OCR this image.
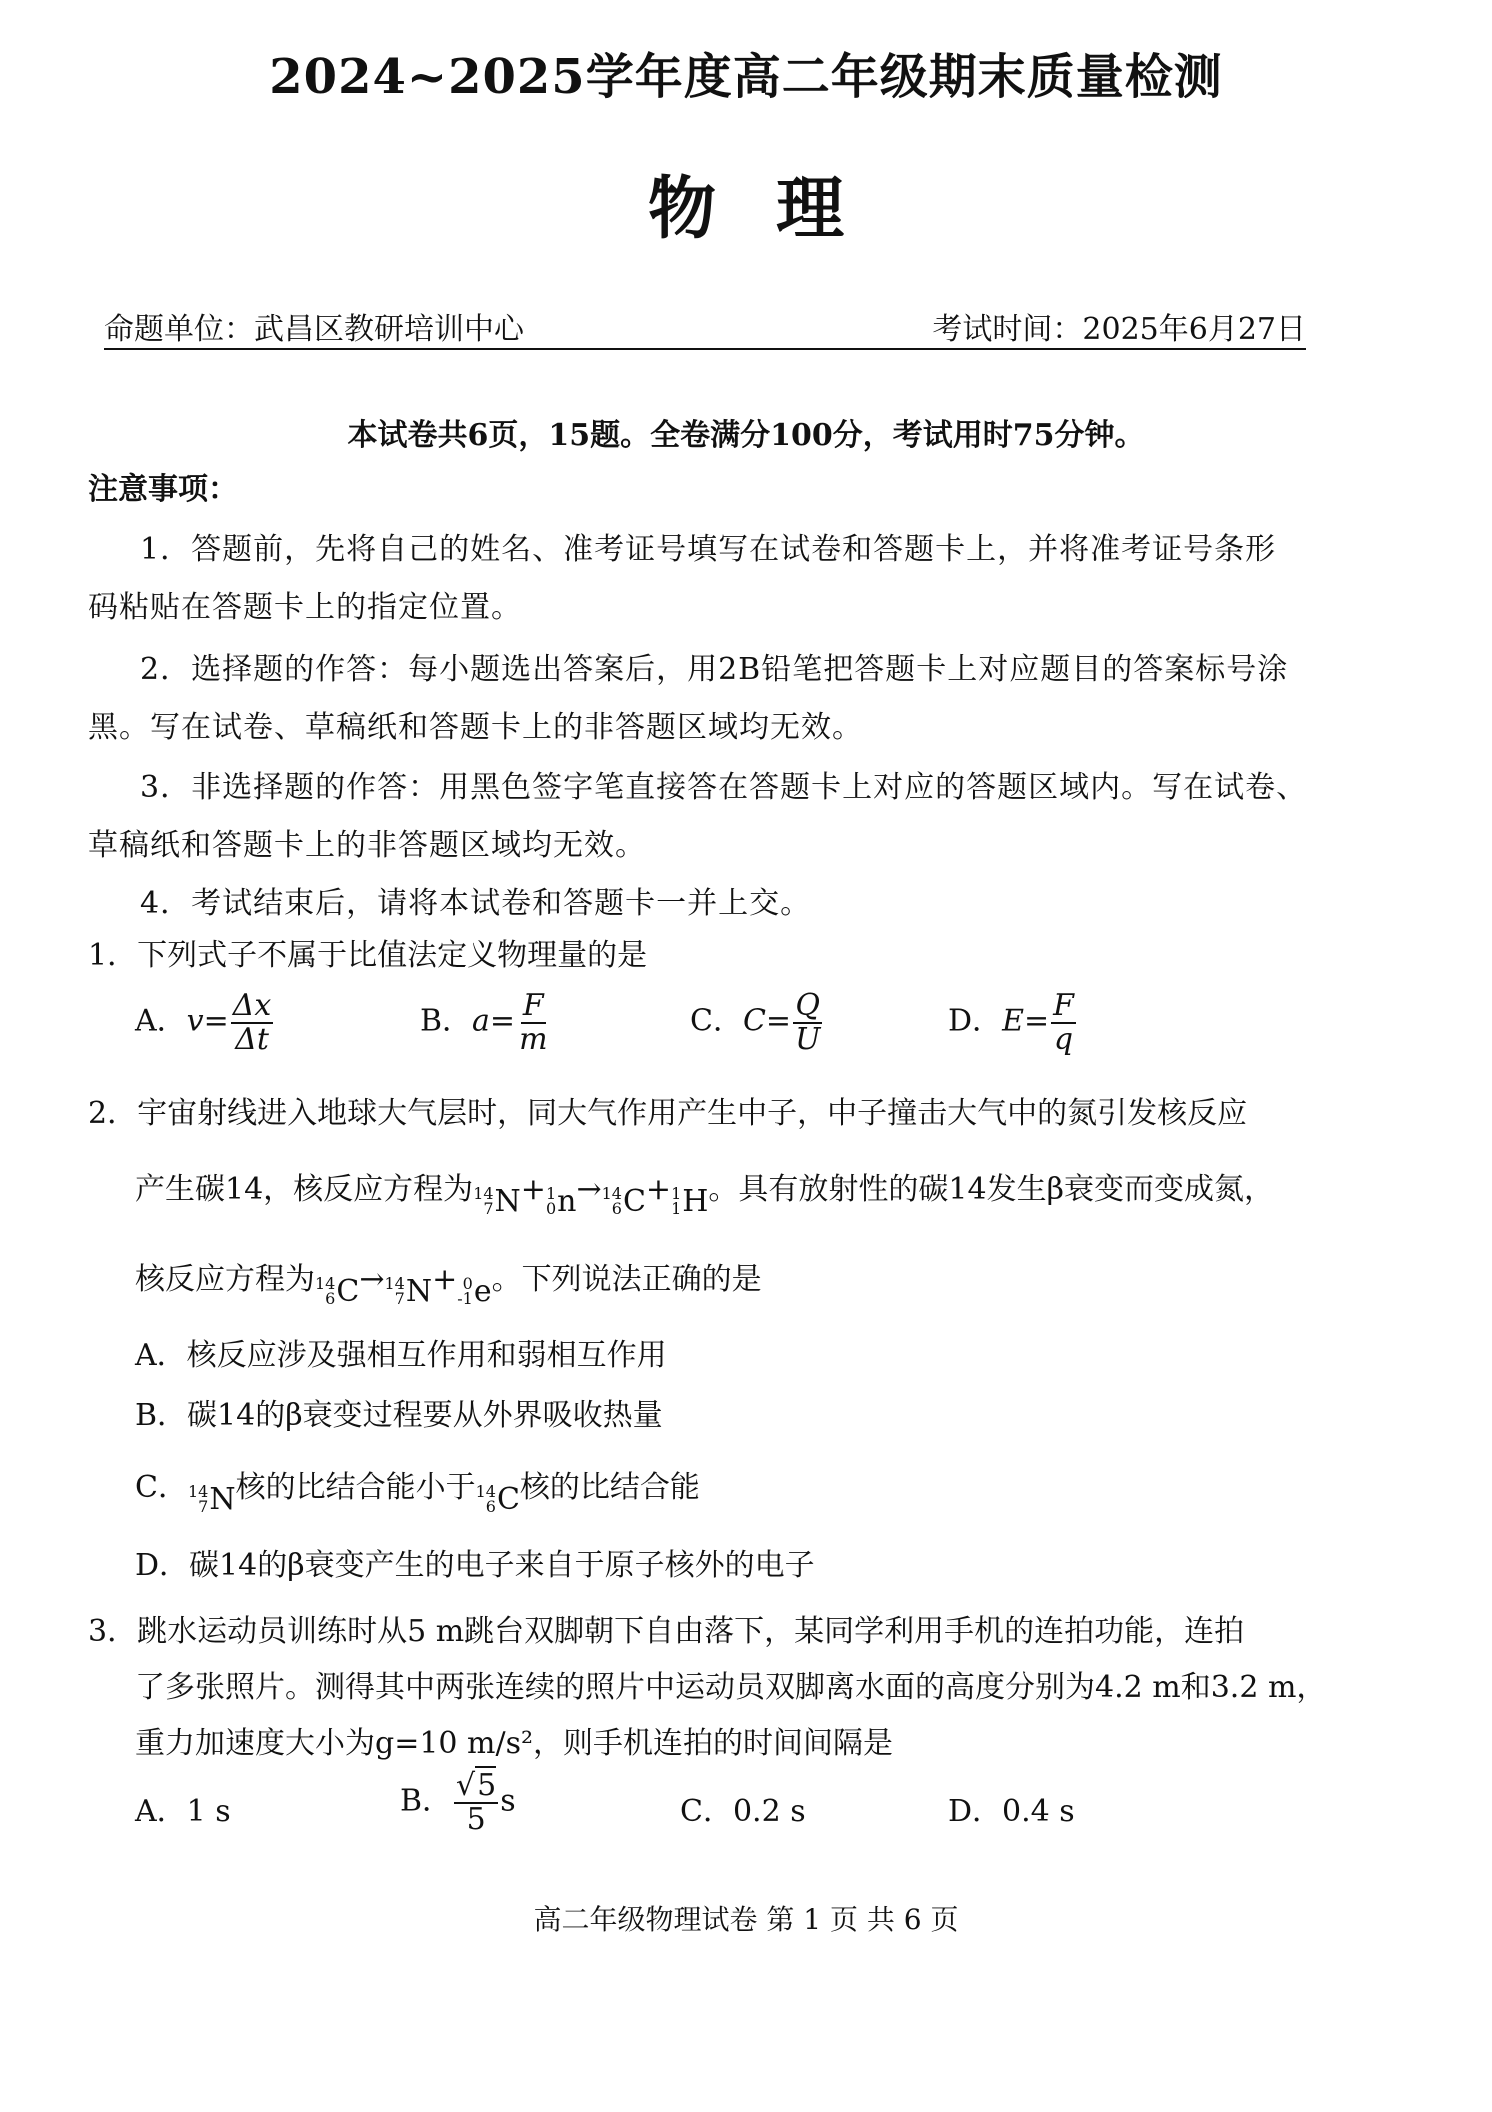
2024~2025学年度高二年级期末质量检测
物理
命题单位：武昌区教研培训中心	考试时间：2025年6月27日
本试卷共6页，15题。全卷满分100分，考试用时75分钟。
注意事项：
1．答题前，先将自己的姓名、准考证号填写在试卷和答题卡上，并将准考证号条形
码粘贴在答题卡上的指定位置。
2．选择题的作答：每小题选出答案后，用2B铅笔把答题卡上对应题目的答案标号涂
黑。写在试卷、草稿纸和答题卡上的非答题区域均无效。
3．非选择题的作答：用黑色签字笔直接答在答题卡上对应的答题区域内。写在试卷、
草稿纸和答题卡上的非答题区域均无效。
4．考试结束后，请将本试卷和答题卡一并上交。
1．下列式子不属于比值法定义物理量的是
A．$v= \frac{\Delta x}{\Delta t}$	B．$a= \frac{F}{m}$	C．$C= \frac{Q}{U}$	D．$E= \frac{F}{q}$
2．宇宙射线进入地球大气层时，同大气作用产生中子，中子撞击大气中的氮引发核反应
产生碳14，核反应方程为 14
7 N + 1
0 n → 14
6 C + 1
1 H 。具有放射性的碳14发生β衰变而变成氮，
核反应方程为 14
6 C → 14
7 N + 0
-1 e 。下列说法正确的是
A．核反应涉及强相互作用和弱相互作用
B．碳14的β衰变过程要从外界吸收热量
C． 14
7 N 核的比结合能小于 14
6 C 核的比结合能
D．碳14的β衰变产生的电子来自于原子核外的电子
3．跳水运动员训练时从5 m跳台双脚朝下自由落下，某同学利用手机的连拍功能，连拍
了多张照片。测得其中两张连续的照片中运动员双脚离水面的高度分别为4.2 m和3.2 m，
重力加速度大小为g=10 m/s²，则手机连拍的时间间隔是
A．1 s	B． $\frac{√5}{5}$ s	C．0.2 s	D．0.4 s
高二年级物理试卷 第 1 页 共 6 页
